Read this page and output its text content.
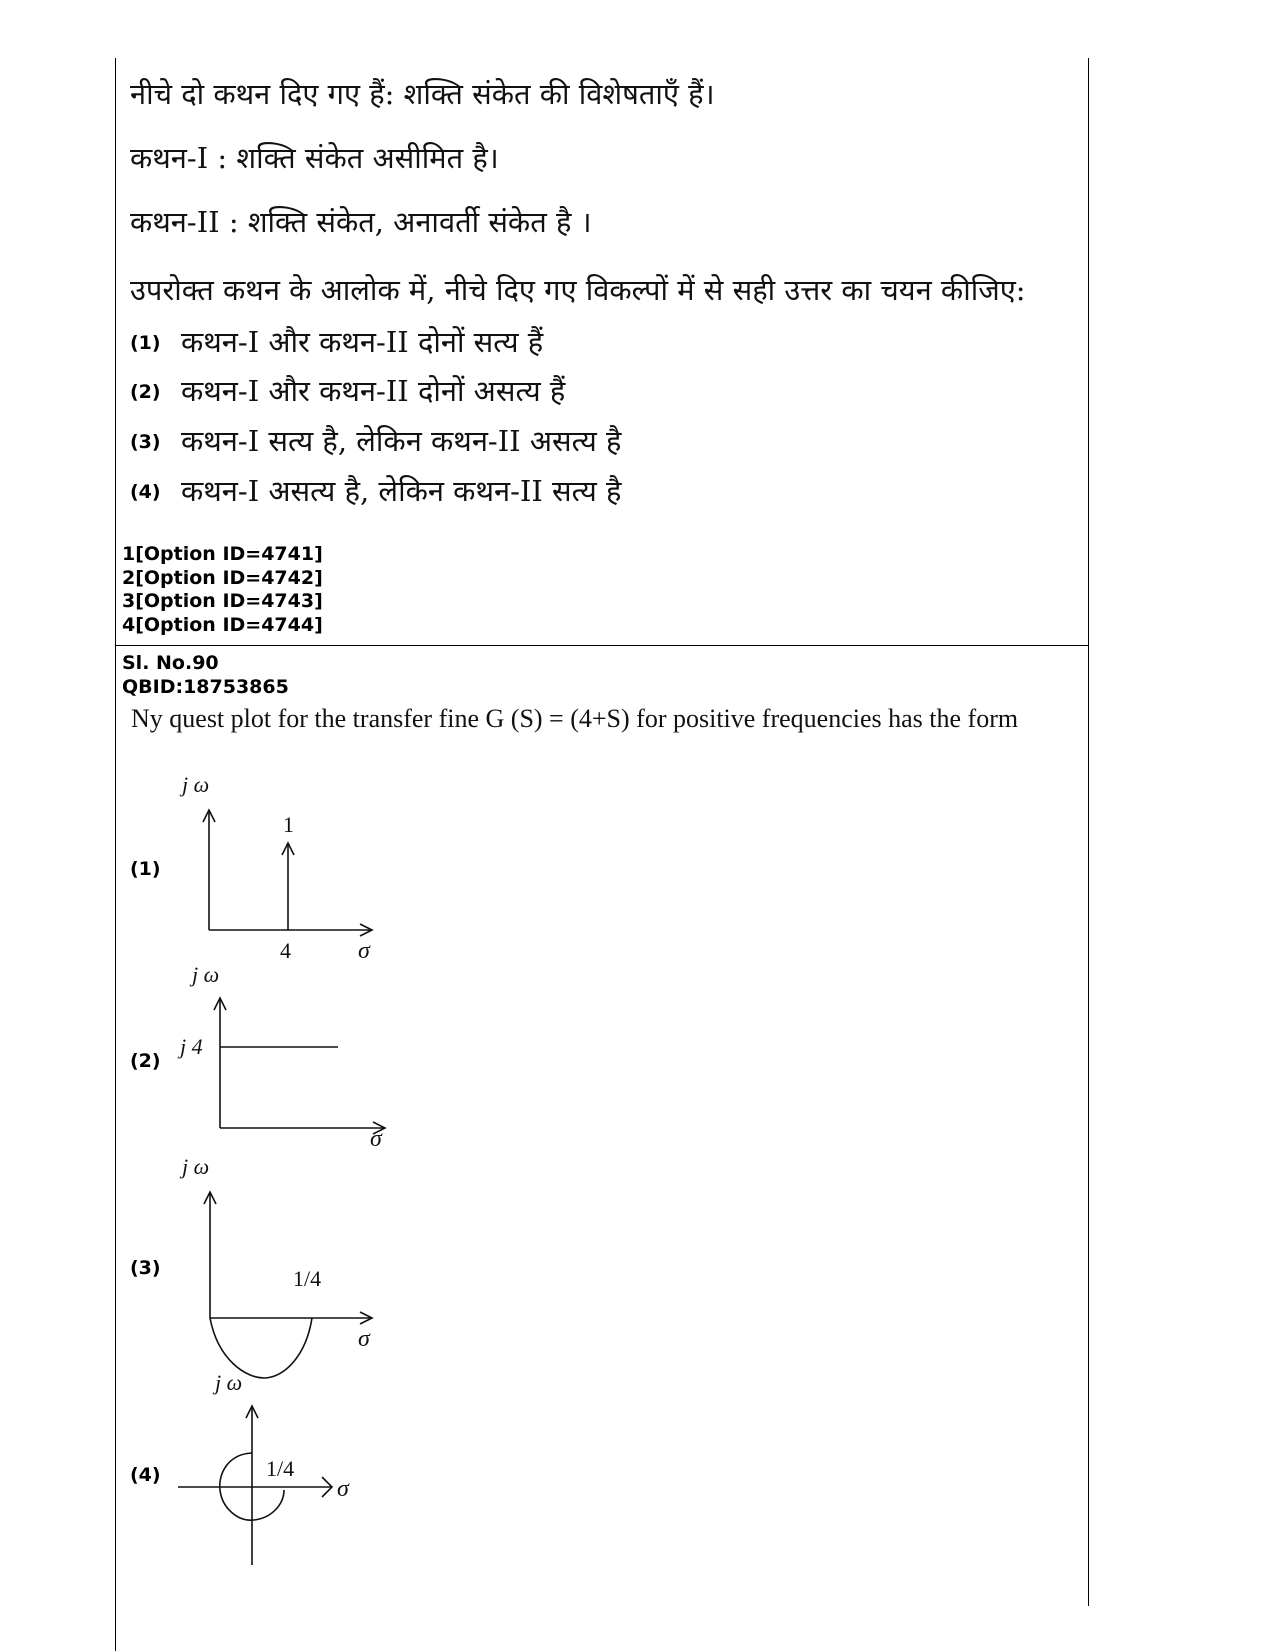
नीचे दो कथन दिए गए हैं: शक्ति संकेत की विशेषताएँ हैं।
कथन-I : शक्ति संकेत असीमित है।
कथन-II : शक्ति संकेत, अनावर्ती संकेत है ।
उपरोक्त कथन के आलोक में, नीचे दिए गए विकल्पों में से सही उत्तर का चयन कीजिए:
(1) कथन-I और कथन-II दोनों सत्य हैं
(2) कथन-I और कथन-II दोनों असत्य हैं
(3) कथन-I सत्य है, लेकिन कथन-II असत्य है
(4) कथन-I असत्य है, लेकिन कथन-II सत्य है
1[Option ID=4741]
2[Option ID=4742]
3[Option ID=4743]
4[Option ID=4744]
Sl. No.90
QBID:18753865
Ny quest plot for the transfer fine G (S) = (4+S) for positive frequencies has the form
(1)
j ω
σ
4
1
(2)
j ω
σ
j 4
(3)
j ω
σ
1/4
(4)
j ω
σ
1/4
